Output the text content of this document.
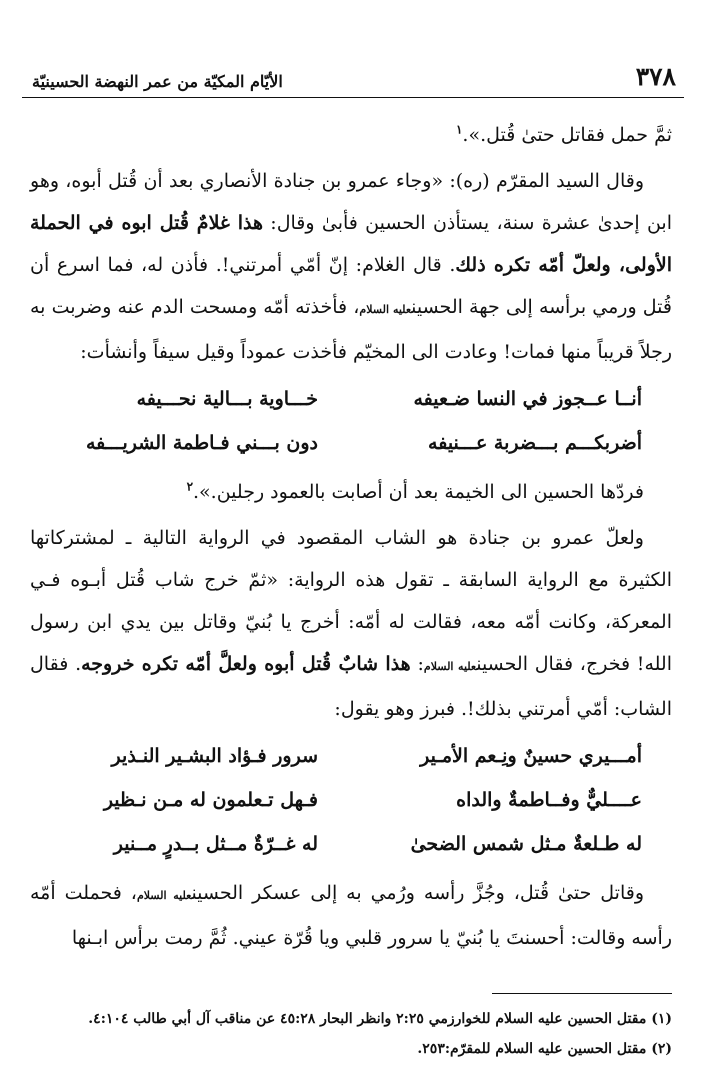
٣٧٨
الأيّام المكيّة من عمر النهضة الحسينيّة

ثمَّ حمل فقاتل حتىٰ قُتل.».$^١$

وقال السيد المقرّم (ره): «وجاء عمرو بن جنادة الأنصاري بعد أن قُتل أبوه، وهو ابن إحدىٰ عشرة سنة، يستأذن الحسين فأبىٰ وقال: هذا غلامٌ قُتل ابوه في الحملة الأولى، ولعلّ أمّه تكره ذلك. قال الغلام: إنّ أمّي أمرتني!. فأذن له، فما اسرع أن قُتل ورمي برأسه إلى جهة الحسينعليه السلام، فأخذته أمّه ومسحت الدم عنه وضربت به رجلاً قريباً منها فمات! وعادت الى المخيّم فأخذت عموداً وقيل سيفاً وأنشأت:

أنــا عــجوز في النسا ضـعيفه
خـــاوية بـــالية نحـــيفه
أضربكـــم بـــضربة عـــنيفه
دون بـــني فـاطمة الشريـــفه

فردّها الحسين الى الخيمة بعد أن أصابت بالعمود رجلين.».$^٢$

ولعلّ عمرو بن جنادة هو الشاب المقصود في الرواية التالية ـ لمشتركاتها الكثيرة مع الرواية السابقة ـ تقول هذه الرواية: «ثمّ خرج شاب قُتل أبـوه فـي المعركة، وكانت أمّه معه، فقالت له أمّه: أخرج يا بُنيّ وقاتل بين يدي ابن رسول الله! فخرج، فقال الحسينعليه السلام: هذا شابٌ قُتل أبوه ولعلَّ أمّه تكره خروجه. فقال الشاب: أمّي أمرتني بذلك!. فبرز وهو يقول:

أمـــيري حسينٌ ونِـعم الأمـير
سرور فـؤاد البشـير النـذير
عــــليٌّ وفــاطمةٌ والداه
فـهل تـعلمون له مـن نـظير
له طـلعةٌ مـثل شمس الضحىٰ
له غــرّةٌ مــثل بــدرٍ مــنير

وقاتل حتىٰ قُتل، وجُزَّ رأسه ورُمي به إلى عسكر الحسينعليه السلام، فحملت أمّه رأسه وقالت: أحسنتَ يا بُنيّ يا سرور قلبي ويا قُرّة عيني. ثُمَّ رمت برأس ابـنها

(١) مقتل الحسين عليه السلام للخوارزمي ٢:٢٥ وانظر البحار ٤٥:٢٨ عن مناقب آل أبي طالب ٤:١٠٤.

(٢) مقتل الحسين عليه السلام للمقرّم:٢٥٣.
